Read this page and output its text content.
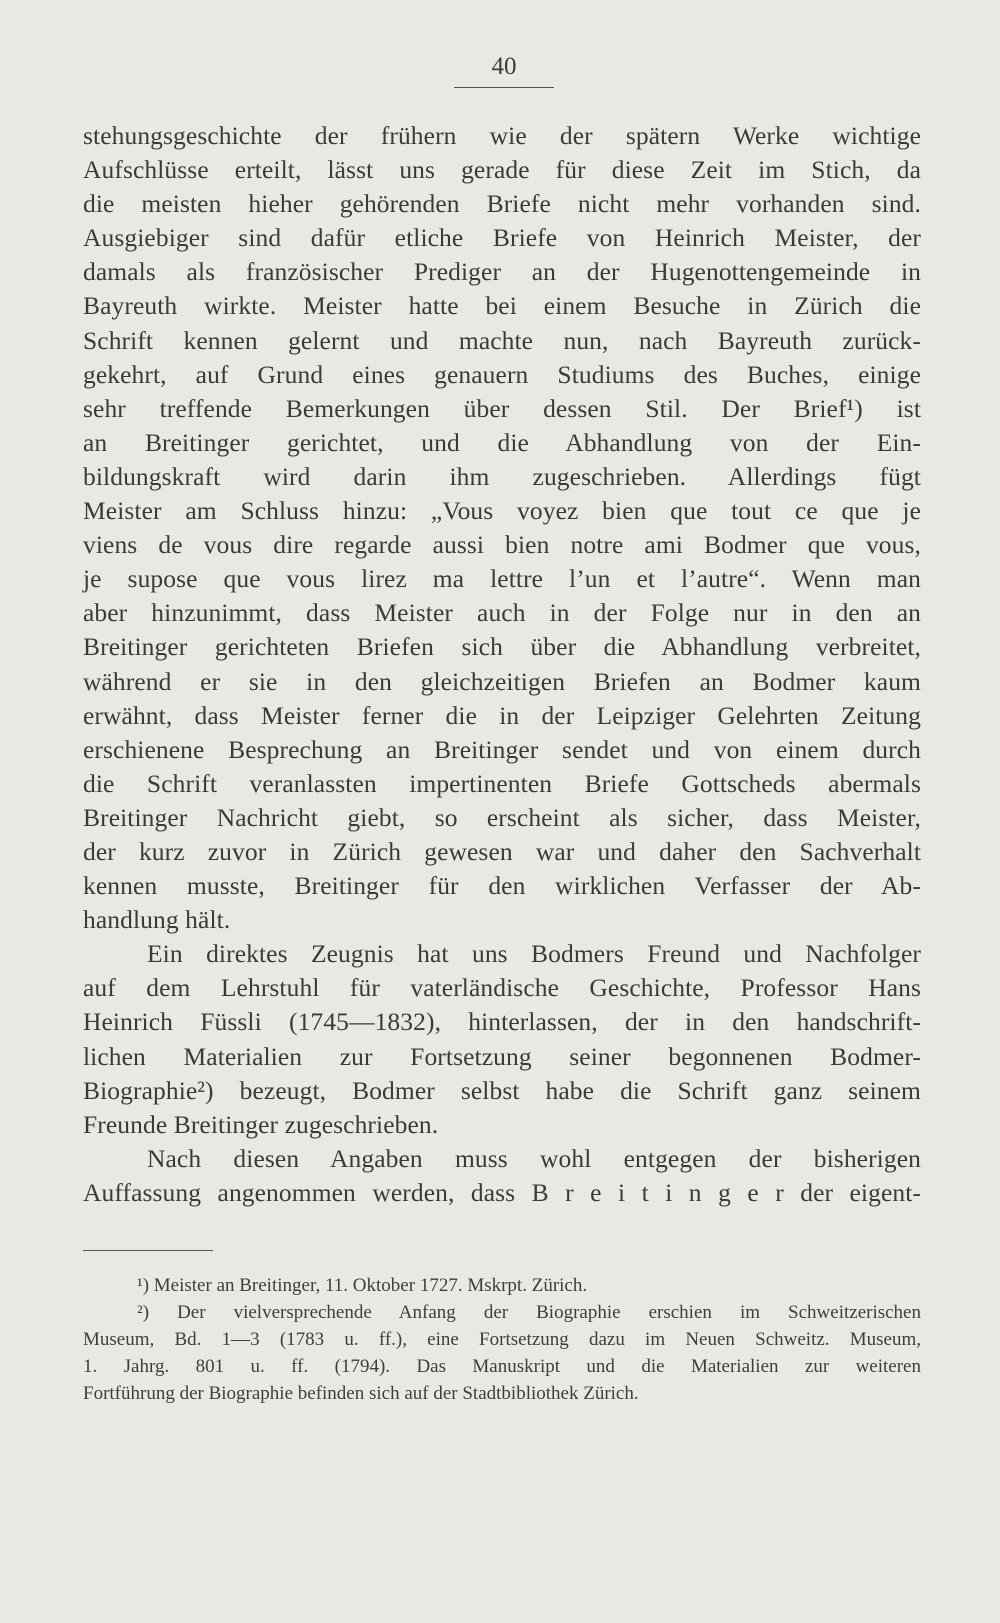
40
stehungsgeschichte der frühern wie der spätern Werke wichtige
Aufschlüsse erteilt, lässt uns gerade für diese Zeit im Stich, da
die meisten hieher gehörenden Briefe nicht mehr vorhanden sind.
Ausgiebiger sind dafür etliche Briefe von Heinrich Meister, der
damals als französischer Prediger an der Hugenottengemeinde in
Bayreuth wirkte. Meister hatte bei einem Besuche in Zürich die
Schrift kennen gelernt und machte nun, nach Bayreuth zurück-
gekehrt, auf Grund eines genauern Studiums des Buches, einige
sehr treffende Bemerkungen über dessen Stil. Der Brief¹) ist
an Breitinger gerichtet, und die Abhandlung von der Ein-
bildungskraft wird darin ihm zugeschrieben. Allerdings fügt
Meister am Schluss hinzu: „Vous voyez bien que tout ce que je
viens de vous dire regarde aussi bien notre ami Bodmer que vous,
je supose que vous lirez ma lettre l’un et l’autre“. Wenn man
aber hinzunimmt, dass Meister auch in der Folge nur in den an
Breitinger gerichteten Briefen sich über die Abhandlung verbreitet,
während er sie in den gleichzeitigen Briefen an Bodmer kaum
erwähnt, dass Meister ferner die in der Leipziger Gelehrten Zeitung
erschienene Besprechung an Breitinger sendet und von einem durch
die Schrift veranlassten impertinenten Briefe Gottscheds abermals
Breitinger Nachricht giebt, so erscheint als sicher, dass Meister,
der kurz zuvor in Zürich gewesen war und daher den Sachverhalt
kennen musste, Breitinger für den wirklichen Verfasser der Ab-
handlung hält.
Ein direktes Zeugnis hat uns Bodmers Freund und Nachfolger
auf dem Lehrstuhl für vaterländische Geschichte, Professor Hans
Heinrich Füssli (1745—1832), hinterlassen, der in den handschrift-
lichen Materialien zur Fortsetzung seiner begonnenen Bodmer-
Biographie²) bezeugt, Bodmer selbst habe die Schrift ganz seinem
Freunde Breitinger zugeschrieben.
Nach diesen Angaben muss wohl entgegen der bisherigen
Auffassung angenommen werden, dass B r e i t i n g e r der eigent-
¹) Meister an Breitinger, 11. Oktober 1727. Mskrpt. Zürich.
²) Der vielversprechende Anfang der Biographie erschien im Schweitzerischen
Museum, Bd. 1—3 (1783 u. ff.), eine Fortsetzung dazu im Neuen Schweitz. Museum,
1. Jahrg. 801 u. ff. (1794). Das Manuskript und die Materialien zur weiteren
Fortführung der Biographie befinden sich auf der Stadtbibliothek Zürich.
